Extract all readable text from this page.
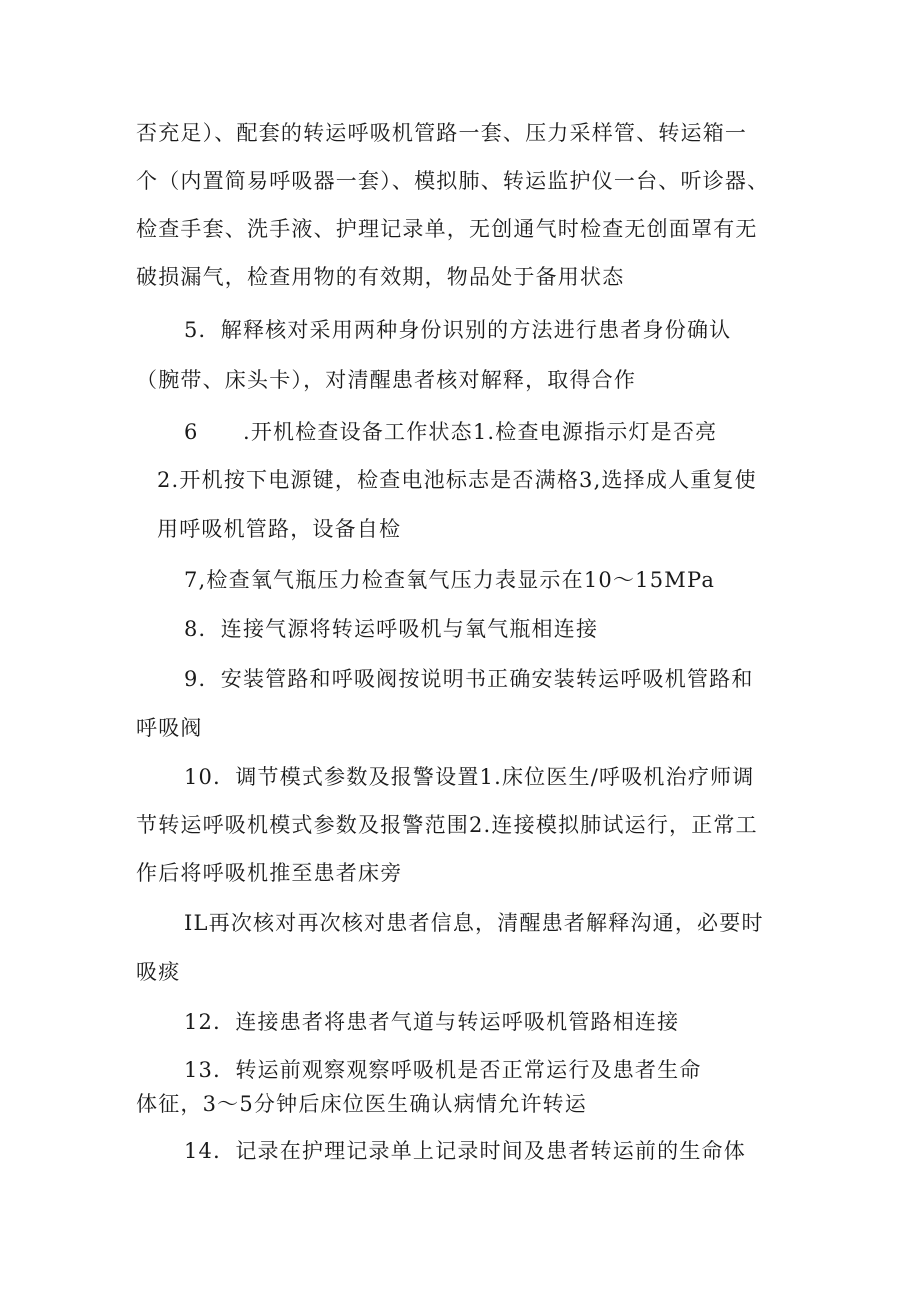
否充足）、配套的转运呼吸机管路一套、压力采样管、转运箱一
个（内置简易呼吸器一套）、模拟肺、转运监护仪一台、听诊器、
检查手套、洗手液、护理记录单，无创通气时检查无创面罩有无
破损漏气，检查用物的有效期，物品处于备用状态
5．解释核对采用两种身份识别的方法进行患者身份确认
（腕带、床头卡），对清醒患者核对解释，取得合作
6　　.开机检查设备工作状态1.检查电源指示灯是否亮
2.开机按下电源键，检查电池标志是否满格3,选择成人重复使
用呼吸机管路，设备自检
7,检查氧气瓶压力检查氧气压力表显示在10～15MPa
8．连接气源将转运呼吸机与氧气瓶相连接
9．安装管路和呼吸阀按说明书正确安装转运呼吸机管路和
呼吸阀
10．调节模式参数及报警设置1.床位医生/呼吸机治疗师调
节转运呼吸机模式参数及报警范围2.连接模拟肺试运行，正常工
作后将呼吸机推至患者床旁
IL再次核对再次核对患者信息，清醒患者解释沟通，必要时
吸痰
12．连接患者将患者气道与转运呼吸机管路相连接
13．转运前观察观察呼吸机是否正常运行及患者生命
体征，3～5分钟后床位医生确认病情允许转运
14．记录在护理记录单上记录时间及患者转运前的生命体
